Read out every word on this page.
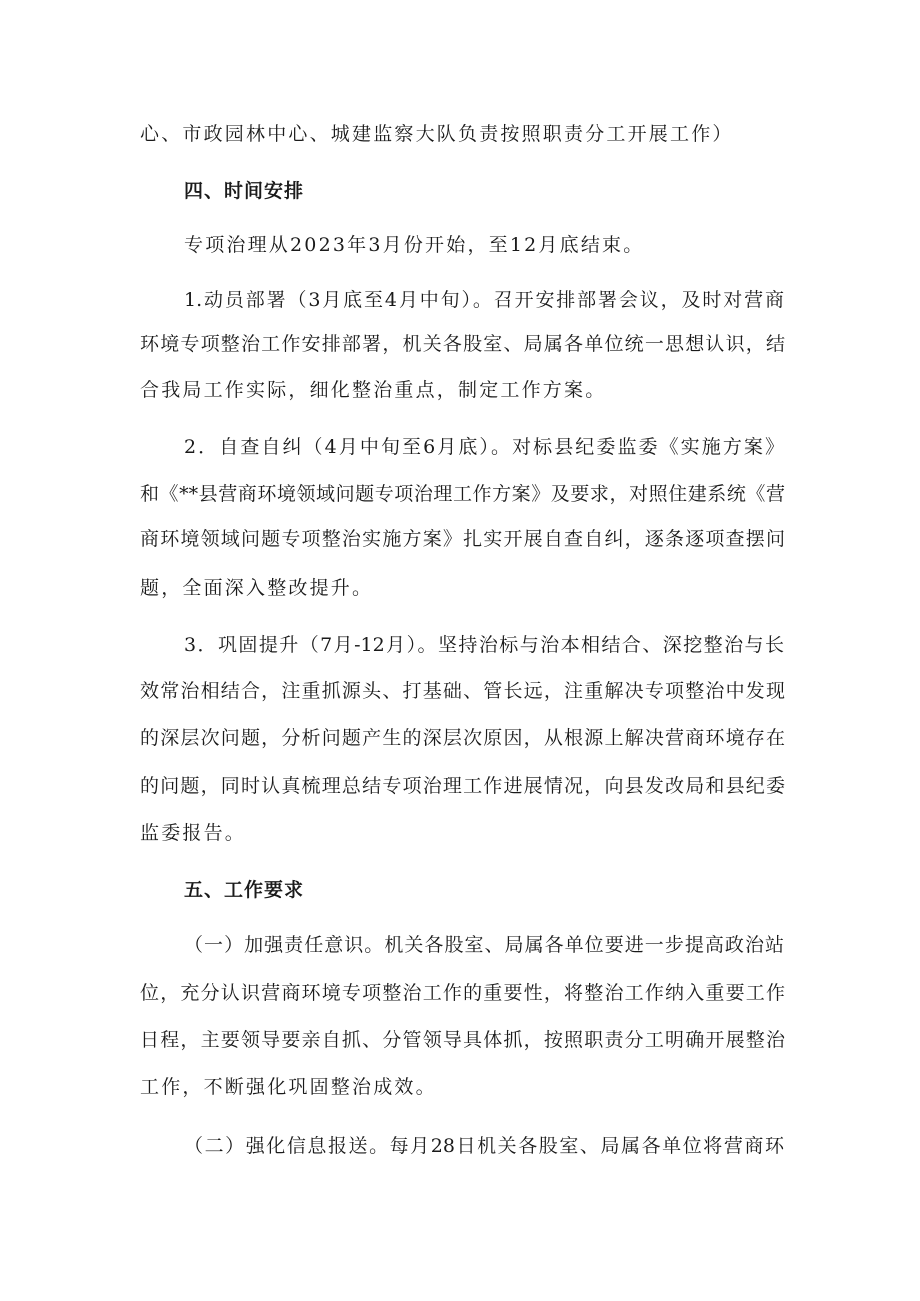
心、市政园林中心、城建监察大队负责按照职责分工开展工作）
四、时间安排
专项治理从2023年3月份开始，至12月底结束。
1.动员部署（3月底至4月中旬）。召开安排部署会议，及时对营商
环境专项整治工作安排部署，机关各股室、局属各单位统一思想认识，结
合我局工作实际，细化整治重点，制定工作方案。
2．自查自纠（4月中旬至6月底）。对标县纪委监委《实施方案》
和《**县营商环境领域问题专项治理工作方案》及要求，对照住建系统《营
商环境领域问题专项整治实施方案》扎实开展自查自纠，逐条逐项查摆问
题，全面深入整改提升。
3．巩固提升（7月-12月）。坚持治标与治本相结合、深挖整治与长
效常治相结合，注重抓源头、打基础、管长远，注重解决专项整治中发现
的深层次问题，分析问题产生的深层次原因，从根源上解决营商环境存在
的问题，同时认真梳理总结专项治理工作进展情况，向县发改局和县纪委
监委报告。
五、工作要求
（一）加强责任意识。机关各股室、局属各单位要进一步提高政治站
位，充分认识营商环境专项整治工作的重要性，将整治工作纳入重要工作
日程，主要领导要亲自抓、分管领导具体抓，按照职责分工明确开展整治
工作，不断强化巩固整治成效。
（二）强化信息报送。每月28日机关各股室、局属各单位将营商环
